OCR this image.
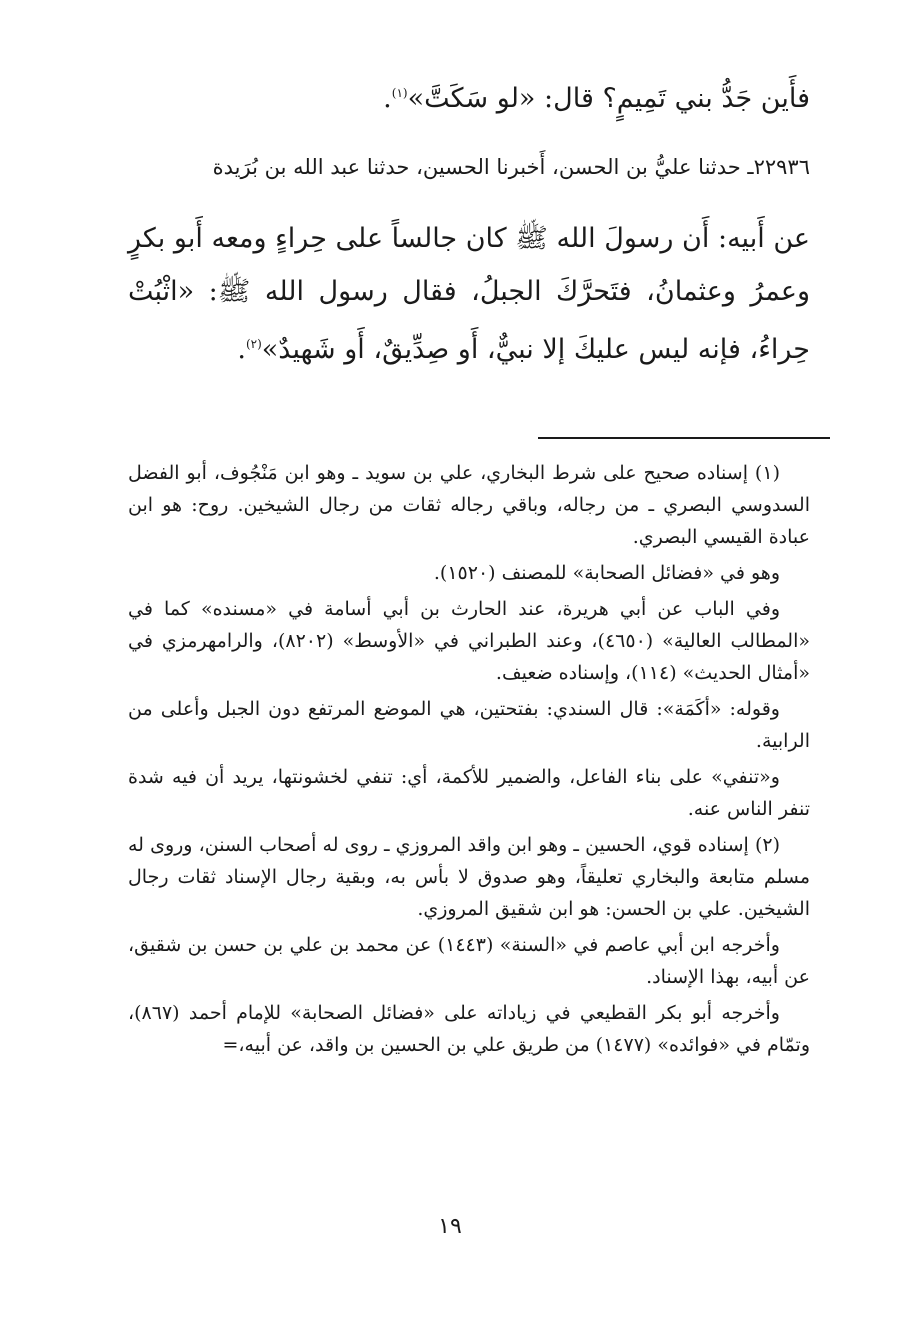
فأَين جَدُّ بني تَمِيمٍ؟ قال: «لو سَكَتَّ»$^{(١)}$.

٢٢٩٣٦ـ حدثنا عليُّ بن الحسن، أَخبرنا الحسين، حدثنا عبد الله بن بُرَيدة

عن أَبيه: أَن رسولَ الله ﷺ كان جالساً على حِراءٍ ومعه أَبو بكرٍ وعمرُ وعثمانُ، فتَحرَّكَ الجبلُ، فقال رسول الله ﷺ: «اثْبُتْ حِراءُ، فإنه ليس عليكَ إلا نبيٌّ، أَو صِدِّيقٌ، أَو شَهيدٌ»$^{(٢)}$.

(١) إسناده صحيح على شرط البخاري، علي بن سويد ـ وهو ابن مَنْجُوف، أبو الفضل السدوسي البصري ـ من رجاله، وباقي رجاله ثقات من رجال الشيخين. روح: هو ابن عبادة القيسي البصري.

وهو في «فضائل الصحابة» للمصنف (١٥٢٠).

وفي الباب عن أبي هريرة، عند الحارث بن أبي أسامة في «مسنده» كما في «المطالب العالية» (٤٦٥٠)، وعند الطبراني في «الأوسط» (٨٢٠٢)، والرامهرمزي في «أمثال الحديث» (١١٤)، وإسناده ضعيف.

وقوله: «أكَمَة»: قال السندي: بفتحتين، هي الموضع المرتفع دون الجبل وأعلى من الرابية.

و«تنفي» على بناء الفاعل، والضمير للأكمة، أي: تنفي لخشونتها، يريد أن فيه شدة تنفر الناس عنه.

(٢) إسناده قوي، الحسين ـ وهو ابن واقد المروزي ـ روى له أصحاب السنن، وروى له مسلم متابعة والبخاري تعليقاً، وهو صدوق لا بأس به، وبقية رجال الإسناد ثقات رجال الشيخين. علي بن الحسن: هو ابن شقيق المروزي.

وأخرجه ابن أبي عاصم في «السنة» (١٤٤٣) عن محمد بن علي بن حسن بن شقيق، عن أبيه، بهذا الإسناد.

وأخرجه أبو بكر القطيعي في زياداته على «فضائل الصحابة» للإمام أحمد (٨٦٧)، وتمّام في «فوائده» (١٤٧٧) من طريق علي بن الحسين بن واقد، عن أبيه،=

١٩
